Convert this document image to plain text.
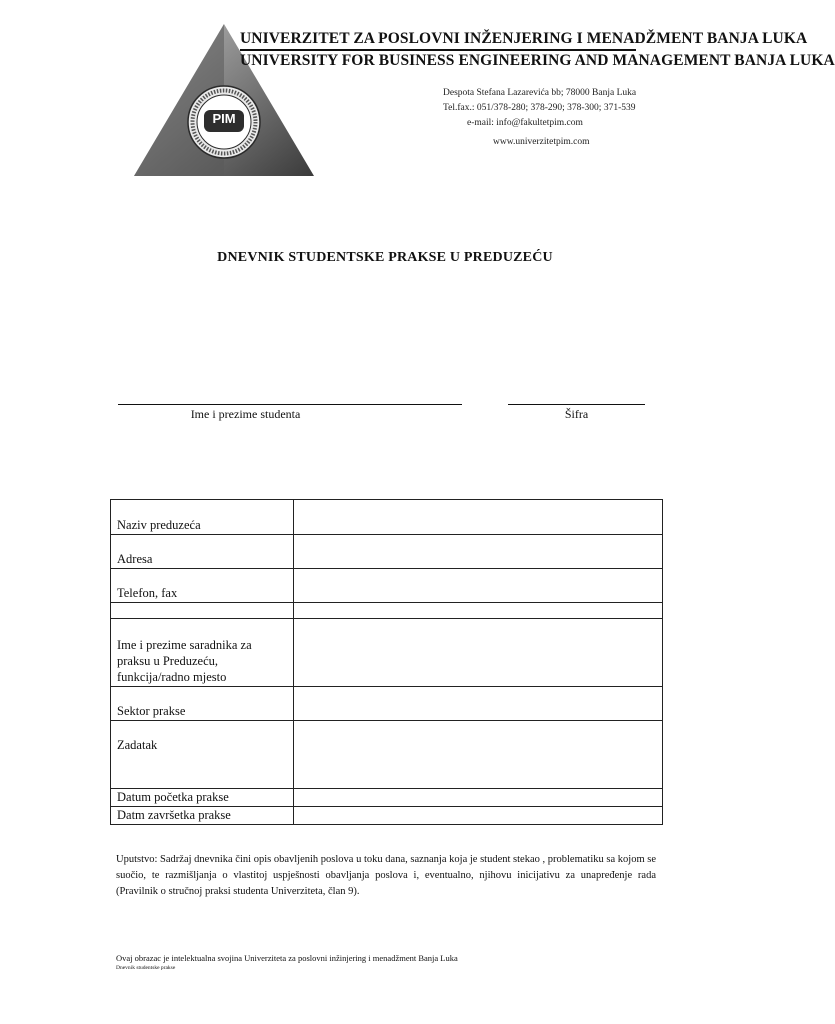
PIM
UNIVERZITET ZA POSLOVNI INŽENJERING I MENADŽMENT BANJA LUKA
UNIVERSITY FOR BUSINESS ENGINEERING AND MANAGEMENT BANJA LUKA
Despota Stefana Lazarevića bb; 78000 Banja Luka
Tel.fax.: 051/378-280; 378-290; 378-300; 371-539
e-mail: info@fakultetpim.com
www.univerzitetpim.com
DNEVNIK STUDENTSKE PRAKSE U PREDUZEĆU
Ime i prezime studenta	Šifra
Naziv preduzeća	
Adresa	
Telefon, fax	

Ime i prezime saradnika za
praksu u Preduzeću,
funkcija/radno mjesto	

Sektor prakse	
Zadatak	
Datum početka prakse	
Datm završetka prakse	
Uputstvo: Sadržaj dnevnika čini opis obavljenih poslova u toku dana, saznanja koja je student stekao , problematiku sa kojom se suočio, te razmišljanja o vlastitoj uspješnosti obavljanja poslova i, eventualno, njihovu inicijativu za unapređenje rada (Pravilnik o stručnoj praksi studenta Univerziteta, član 9).
Ovaj obrazac je intelektualna svojina Univerziteta za poslovni inžinjering i menadžment Banja Luka
Dnevnik studentske prakse
